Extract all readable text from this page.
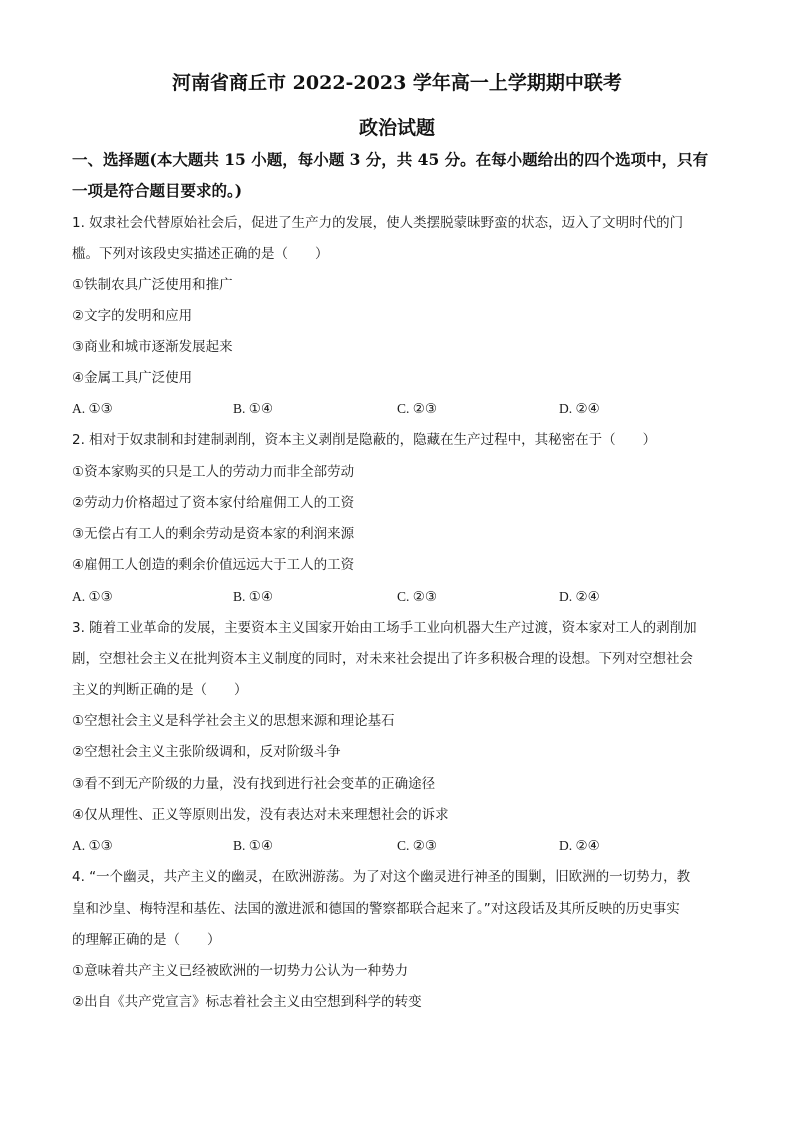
河南省商丘市 2022-2023 学年高一上学期期中联考
政治试题
一、选择题(本大题共 15 小题，每小题 3 分，共 45 分。在每小题给出的四个选项中，只有
一项是符合题目要求的。)
1. 奴隶社会代替原始社会后，促进了生产力的发展，使人类摆脱蒙昧野蛮的状态，迈入了文明时代的门
槛。下列对该段史实描述正确的是（　　）
①铁制农具广泛使用和推广
②文字的发明和应用
③商业和城市逐渐发展起来
④金属工具广泛使用
A. ①③	B. ①④	C. ②③	D. ②④
2. 相对于奴隶制和封建制剥削，资本主义剥削是隐蔽的，隐藏在生产过程中，其秘密在于（　　）
①资本家购买的只是工人的劳动力而非全部劳动
②劳动力价格超过了资本家付给雇佣工人的工资
③无偿占有工人的剩余劳动是资本家的利润来源
④雇佣工人创造的剩余价值远远大于工人的工资
A. ①③	B. ①④	C. ②③	D. ②④
3. 随着工业革命的发展，主要资本主义国家开始由工场手工业向机器大生产过渡，资本家对工人的剥削加
剧，空想社会主义在批判资本主义制度的同时，对未来社会提出了许多积极合理的设想。下列对空想社会
主义的判断正确的是（　　）
①空想社会主义是科学社会主义的思想来源和理论基石
②空想社会主义主张阶级调和，反对阶级斗争
③看不到无产阶级的力量，没有找到进行社会变革的正确途径
④仅从理性、正义等原则出发，没有表达对未来理想社会的诉求
A. ①③	B. ①④	C. ②③	D. ②④
4. “一个幽灵，共产主义的幽灵，在欧洲游荡。为了对这个幽灵进行神圣的围剿，旧欧洲的一切势力，教
皇和沙皇、梅特涅和基佐、法国的激进派和德国的警察都联合起来了。”对这段话及其所反映的历史事实
的理解正确的是（　　）
①意味着共产主义已经被欧洲的一切势力公认为一种势力
②出自《共产党宣言》标志着社会主义由空想到科学的转变
